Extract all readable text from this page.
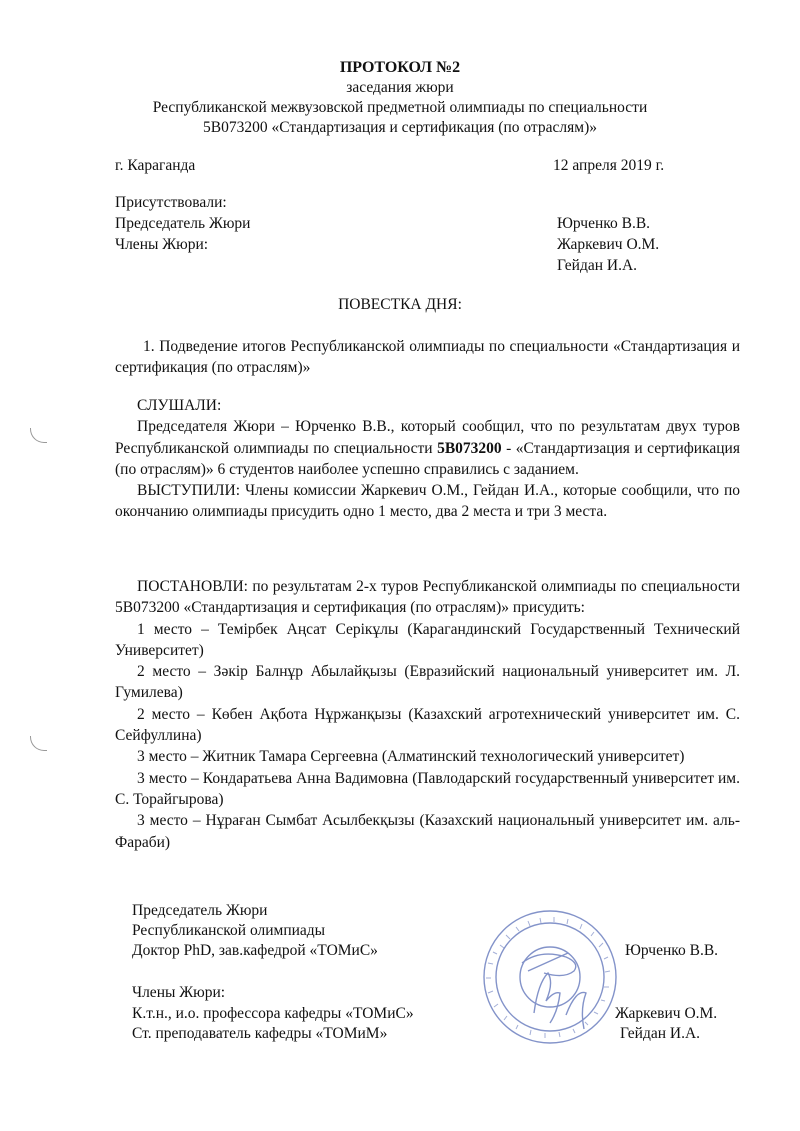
ПРОТОКОЛ №2
заседания жюри
Республиканской межвузовской предметной олимпиады по специальности
5В073200 «Стандартизация и сертификация (по отраслям)»
г. Караганда	12 апреля 2019 г.
Присутствовали:
Председатель Жюри	Юрченко В.В.
Члены Жюри:	Жаркевич О.М.
Гейдан И.А.
ПОВЕСТКА ДНЯ:

1. Подведение итогов Республиканской олимпиады по специальности «Стандартизация и сертификация (по отраслям)»

СЛУШАЛИ:

Председателя Жюри – Юрченко В.В., который сообщил, что по результатам двух туров Республиканской олимпиады по специальности 5В073200 - «Стандартизация и сертификация (по отраслям)» 6 студентов наиболее успешно справились с заданием.

ВЫСТУПИЛИ: Члены комиссии Жаркевич О.М., Гейдан И.А., которые сообщили, что по окончанию олимпиады присудить одно 1 место, два 2 места и три 3 места.

ПОСТАНОВЛИ: по результатам 2-х туров Республиканской олимпиады по специальности 5В073200 «Стандартизация и сертификация (по отраслям)» присудить:

1 место – Темірбек Аңсат Серікұлы (Карагандинский Государственный Технический Университет)

2 место – Зәкір Балнұр Абылайқызы (Евразийский национальный университет им. Л. Гумилева)

2 место – Көбен Ақбота Нұржанқызы (Казахский агротехнический университет им. С. Сейфуллина)

3 место – Житник Тамара Сергеевна (Алматинский технологический университет)

3 место – Кондаратьева Анна Вадимовна (Павлодарский государственный университет им. С. Торайгырова)

3 место – Нұраған Сымбат Асылбекқызы (Казахский национальный университет им. аль-Фараби)

Председатель Жюри
Республиканской олимпиады
Доктор PhD, зав.кафедрой «ТОМиС»	Юрченко В.В.
Члены Жюри:
К.т.н., и.о. профессора кафедры «ТОМиС»	Жаркевич О.М.
Ст. преподаватель кафедры «ТОМиМ»	Гейдан И.А.
